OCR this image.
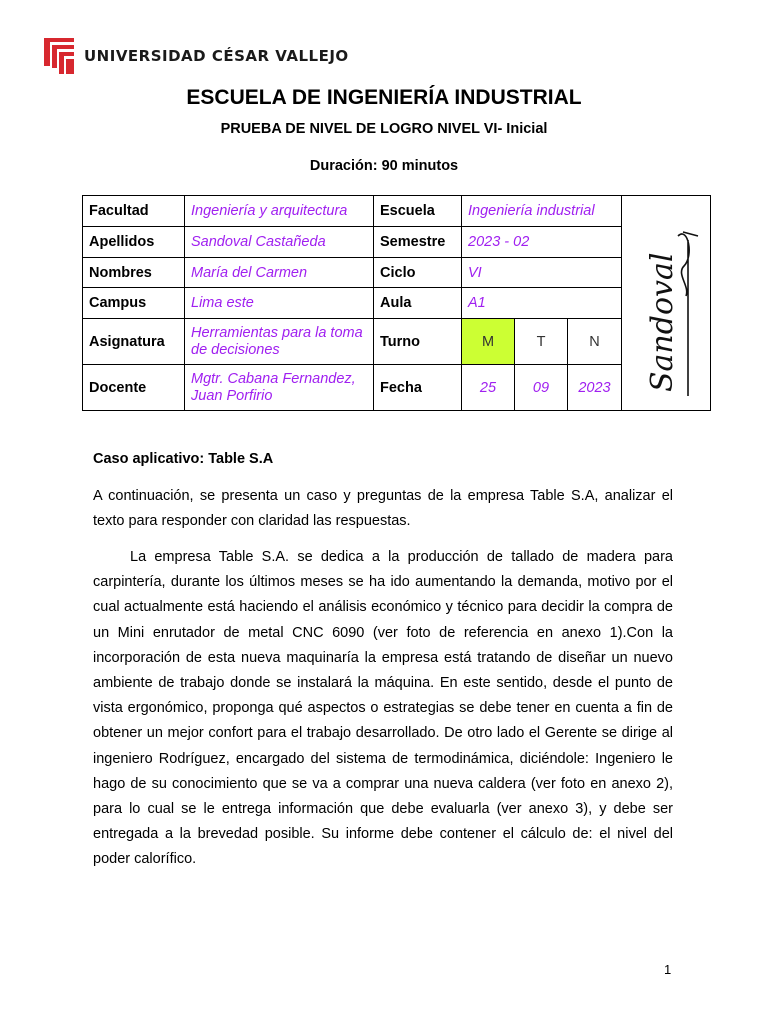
UNIVERSIDAD CÉSAR VALLEJO
ESCUELA DE INGENIERÍA INDUSTRIAL
PRUEBA DE NIVEL DE LOGRO NIVEL VI- Inicial
Duración: 90 minutos
Facultad	Ingeniería y arquitectura	Escuela	Ingeniería industrial			Sandoval

Apellidos	Sandoval Castañeda	Semestre	2023 - 02			
Nombres	María del Carmen	Ciclo	VI			
Campus	Lima este	Aula	A1			
Asignatura	Herramientas para la toma de decisiones	Turno	M	T	N	
Docente	Mgtr. Cabana Fernandez, Juan Porfirio	Fecha	25	09	2023	
Caso aplicativo: Table S.A

A continuación, se presenta un caso y preguntas de la empresa Table S.A, analizar el texto para responder con claridad las respuestas.

La empresa Table S.A. se dedica a la producción de tallado de madera para carpintería, durante los últimos meses se ha ido aumentando la demanda, motivo por el cual actualmente está haciendo el análisis económico y técnico para decidir la compra de un Mini enrutador de metal CNC 6090 (ver foto de referencia en anexo 1).Con la incorporación de esta nueva maquinaría la empresa está tratando de diseñar un nuevo ambiente de trabajo donde se instalará la máquina. En este sentido, desde el punto de vista ergonómico, proponga qué aspectos o estrategias se debe tener en cuenta a fin de obtener un mejor confort para el trabajo desarrollado. De otro lado el Gerente se dirige al ingeniero Rodríguez, encargado del sistema de termodinámica, diciéndole: Ingeniero le hago de su conocimiento que se va a comprar una nueva caldera (ver foto en anexo 2), para lo cual se le entrega información que debe evaluarla (ver anexo 3), y debe ser entregada a la brevedad posible. Su informe debe contener el cálculo de: el nivel del poder calorífico.

1
